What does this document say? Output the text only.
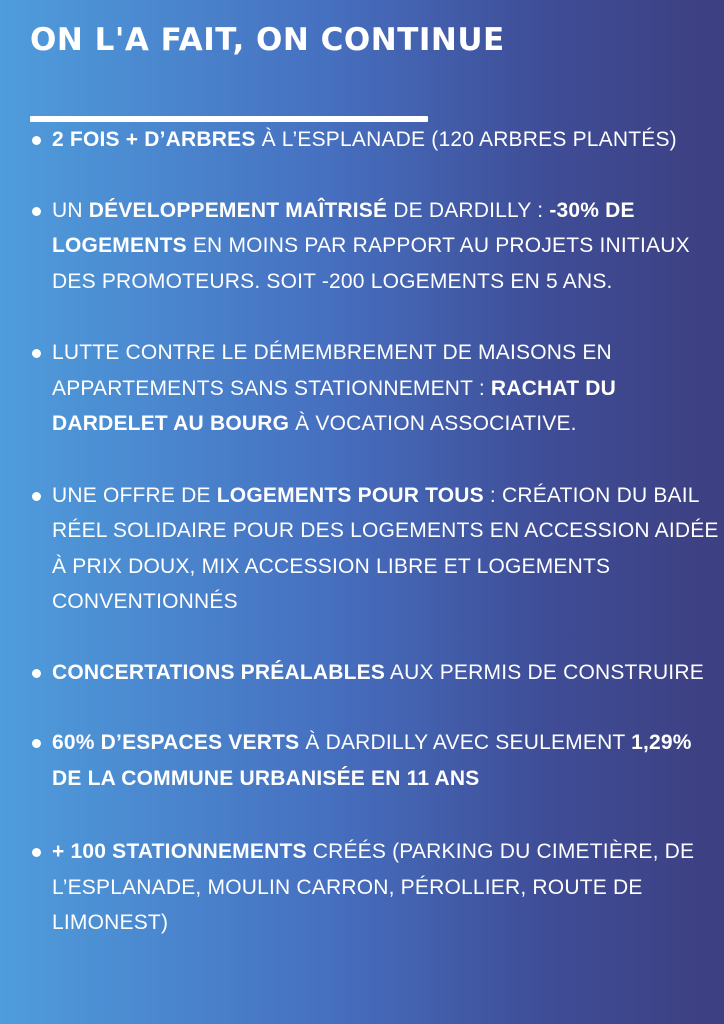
ON L'A FAIT, ON CONTINUE
2 FOIS + D’ARBRES À L’ESPLANADE (120 ARBRES PLANTÉS)
UN DÉVELOPPEMENT MAÎTRISÉ DE DARDILLY : -30% DE LOGEMENTS EN MOINS PAR RAPPORT AU PROJETS INITIAUX DES PROMOTEURS. SOIT -200 LOGEMENTS EN 5 ANS.
LUTTE CONTRE LE DÉMEMBREMENT DE MAISONS EN APPARTEMENTS SANS STATIONNEMENT : RACHAT DU DARDELET AU BOURG À VOCATION ASSOCIATIVE.
UNE OFFRE DE LOGEMENTS POUR TOUS : CRÉATION DU BAIL RÉEL SOLIDAIRE POUR DES LOGEMENTS EN ACCESSION AIDÉE À PRIX DOUX, MIX ACCESSION LIBRE ET LOGEMENTS CONVENTIONNÉS
CONCERTATIONS PRÉALABLES AUX PERMIS DE CONSTRUIRE
60% D’ESPACES VERTS À DARDILLY AVEC SEULEMENT 1,29% DE LA COMMUNE URBANISÉE EN 11 ANS
+ 100 STATIONNEMENTS CRÉÉS (PARKING DU CIMETIÈRE, DE L’ESPLANADE, MOULIN CARRON, PÉROLLIER, ROUTE DE LIMONEST)
